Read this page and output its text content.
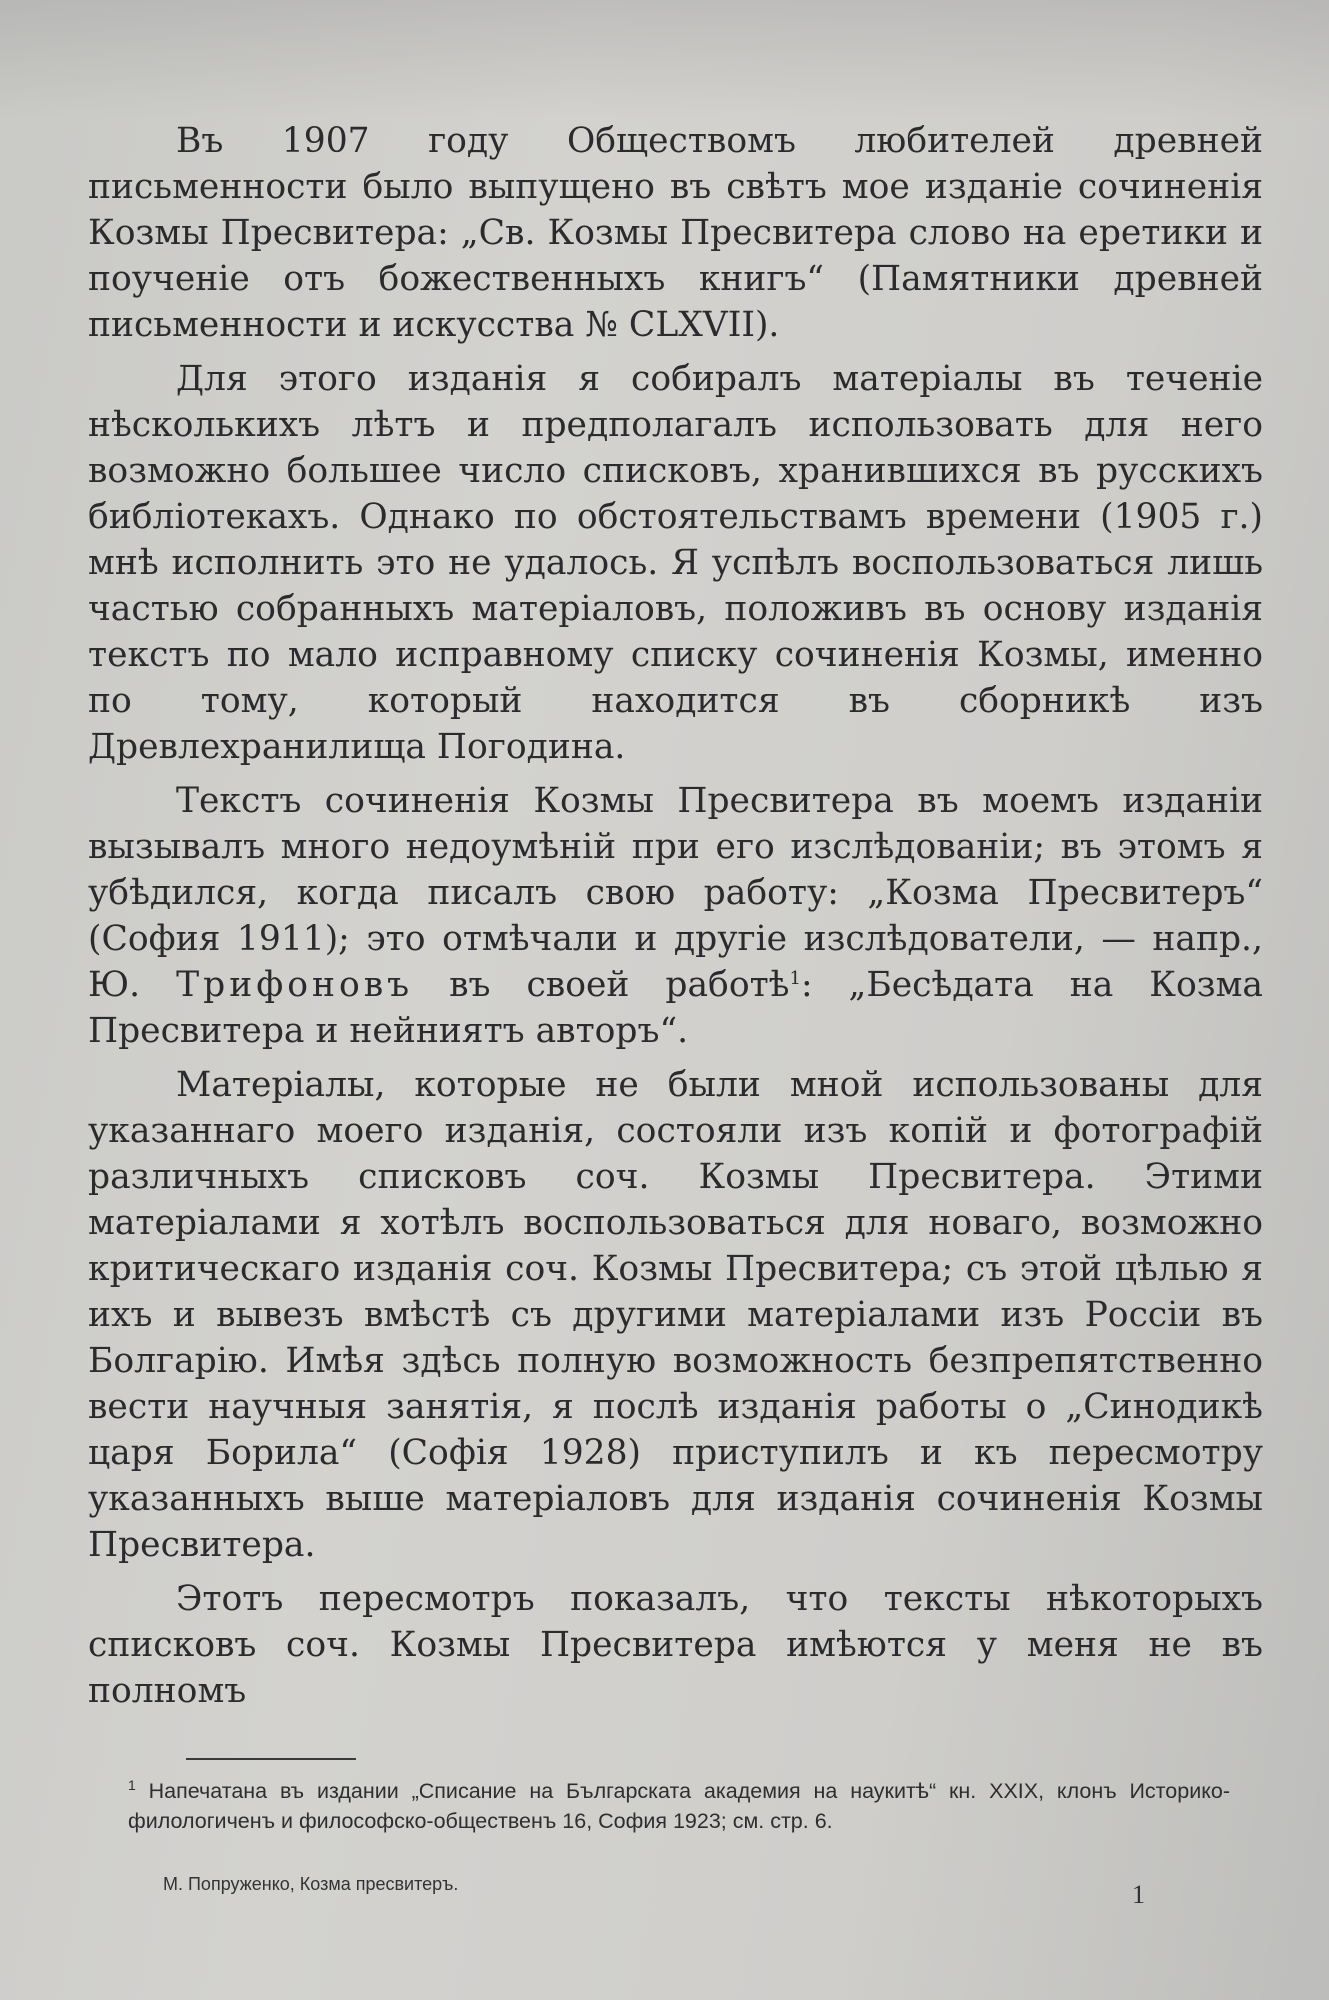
Въ 1907 году Обществомъ любителей древней письменности было выпущено въ свѣтъ мое изданіе сочиненія Козмы Пресвитера: „Св. Козмы Пресвитера слово на еретики и поученіе отъ божественныхъ книгъ“ (Памятники древней письменности и искусства № CLXVII).

Для этого изданія я собиралъ матеріалы въ теченіе нѣсколькихъ лѣтъ и предполагалъ использовать для него возможно большее число списковъ, хранившихся въ русскихъ библіотекахъ. Однако по обстоятельствамъ времени (1905 г.) мнѣ исполнить это не удалось. Я успѣлъ воспользоваться лишь частью собранныхъ матеріаловъ, положивъ въ основу изданія текстъ по мало исправному списку сочиненія Козмы, именно по тому, который находится въ сборникѣ изъ Древлехранилища Погодина.

Текстъ сочиненія Козмы Пресвитера въ моемъ изданіи вызывалъ много недоумѣній при его изслѣдованіи; въ этомъ я убѣдился, когда писалъ свою работу: „Козма Пресвитеръ“ (София 1911); это отмѣчали и другіе изслѣдователи, — напр., Ю. Трифоновъ въ своей работѣ$^1$: „Бесѣдата на Козма Пресвитера и нейниятъ авторъ“.

Матеріалы, которые не были мной использованы для указаннаго моего изданія, состояли изъ копій и фотографій различныхъ списковъ соч. Козмы Пресвитера. Этими матеріалами я хотѣлъ воспользоваться для новаго, возможно критическаго изданія соч. Козмы Пресвитера; съ этой цѣлью я ихъ и вывезъ вмѣстѣ съ другими матеріалами изъ Россіи въ Болгарію. Имѣя здѣсь полную возможность безпрепятственно вести научныя занятія, я послѣ изданія работы о „Синодикѣ царя Борила“ (Софія 1928) приступилъ и къ пересмотру указанныхъ выше матеріаловъ для изданія сочиненія Козмы Пресвитера.

Этотъ пересмотръ показалъ, что тексты нѣкоторыхъ списковъ соч. Козмы Пресвитера имѣются у меня не въ полномъ

$^1$ Напечатана въ издании „Списание на Българската академия на наукитѣ“ кн. XXIX, клонъ Историко-филологиченъ и философско-общественъ 16, София 1923; см. стр. 6.
М. Попруженко, Козма пресвитеръ.	1
